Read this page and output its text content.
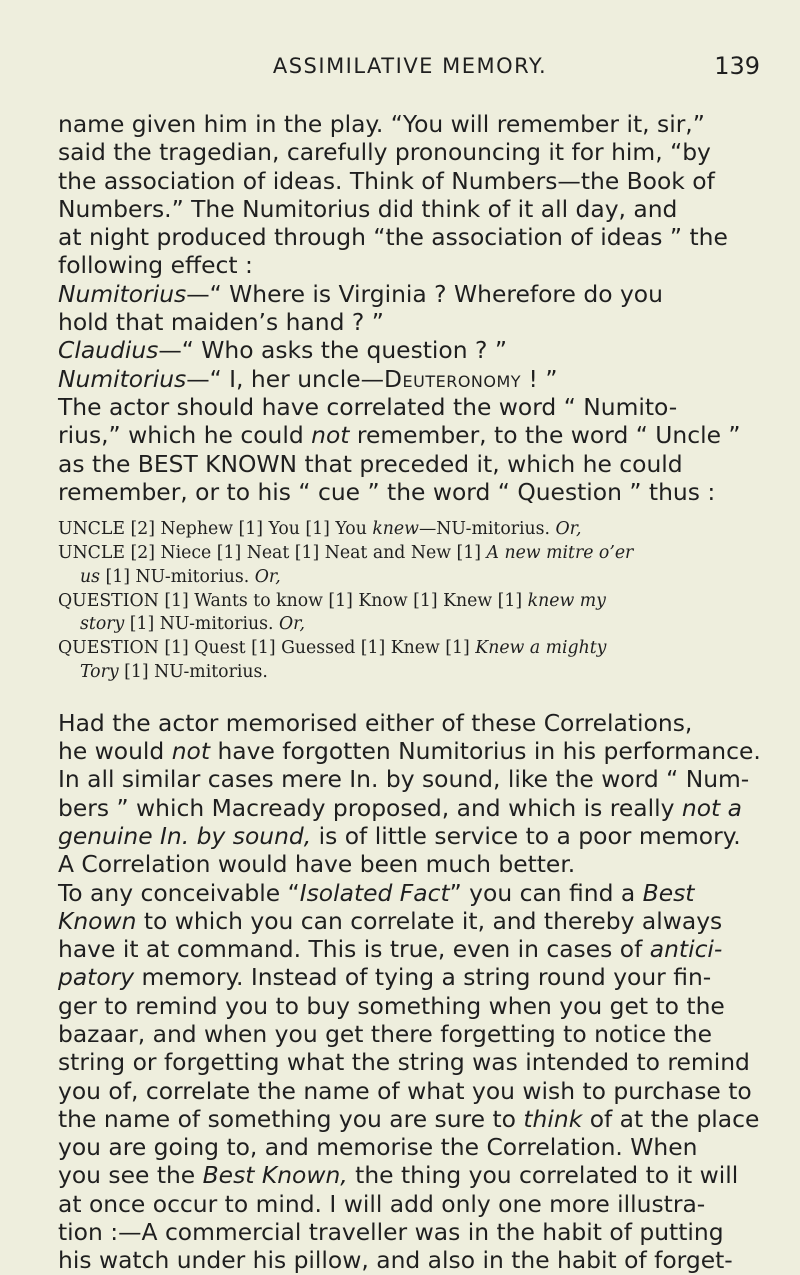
ASSIMILATIVE MEMORY.	139

name given him in the play. “You will remember it, sir,”

said the tragedian, carefully pronouncing it for him, “by

the association of ideas. Think of Numbers—the Book of

Numbers.” The Numitorius did think of it all day, and

at night produced through “the association of ideas ” the

following effect :

Numitorius—“ Where is Virginia ? Wherefore do you

hold that maiden’s hand ? ”

Claudius—“ Who asks the question ? ”

Numitorius—“ I, her uncle—Deuteronomy ! ”

The actor should have correlated the word “ Numito-

rius,” which he could not remember, to the word “ Uncle ”

as the BEST KNOWN that preceded it, which he could

remember, or to his “ cue ” the word “ Question ” thus :

UNCLE [2] Nephew [1] You [1] You knew—NU-mitorius. Or,

UNCLE [2] Niece [1] Neat [1] Neat and New [1] A new mitre o’er

us [1] NU-mitorius. Or,

QUESTION [1] Wants to know [1] Know [1] Knew [1] knew my

story [1] NU-mitorius. Or,

QUESTION [1] Quest [1] Guessed [1] Knew [1] Knew a mighty

Tory [1] NU-mitorius.

Had the actor memorised either of these Correlations,

he would not have forgotten Numitorius in his performance.

In all similar cases mere In. by sound, like the word “ Num-

bers ” which Macready proposed, and which is really not a

genuine In. by sound, is of little service to a poor memory.

A Correlation would have been much better.

To any conceivable “Isolated Fact” you can find a Best

Known to which you can correlate it, and thereby always

have it at command. This is true, even in cases of antici-

patory memory. Instead of tying a string round your fin-

ger to remind you to buy something when you get to the

bazaar, and when you get there forgetting to notice the

string or forgetting what the string was intended to remind

you of, correlate the name of what you wish to purchase to

the name of something you are sure to think of at the place

you are going to, and memorise the Correlation. When

you see the Best Known, the thing you correlated to it will

at once occur to mind. I will add only one more illustra-

tion :—A commercial traveller was in the habit of putting

his watch under his pillow, and also in the habit of forget-
